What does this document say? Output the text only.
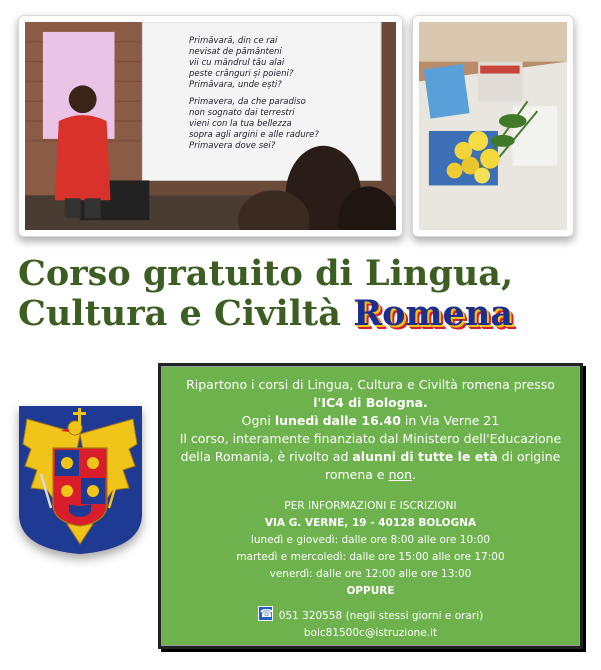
Primăvară, din ce rai
nevisat de pământeni
vii cu mândrul tău alai
peste crânguri și poieni?
Primăvara, unde ești?
Primavera, da che paradiso
non sognato dai terrestri
vieni con la tua bellezza
sopra agli argini e alle radure?
Primavera dove sei?
Corso gratuito di Lingua,
Cultura e Civiltà Romena

Ripartono i corsi di Lingua, Cultura e Civiltà romena presso

l'IC4 di Bologna.

Ogni lunedì dalle 16.40 in Via Verne 21

Il corso, interamente finanziato dal Ministero dell'Educazione

della Romania, è rivolto ad alunni di tutte le età di origine

romena e non.

PER INFORMAZIONI E ISCRIZIONI

VIA G. VERNE, 19 - 40128 BOLOGNA

lunedì e giovedì: dalle ore 8:00 alle ore 10:00

martedì e mercoledì: dalle ore 15:00 alle ore 17:00

venerdì: dalle ore 12:00 alle ore 13:00

OPPURE

☎051 320558 (negli stessi giorni e orari)

boic81500c@istruzione.it
